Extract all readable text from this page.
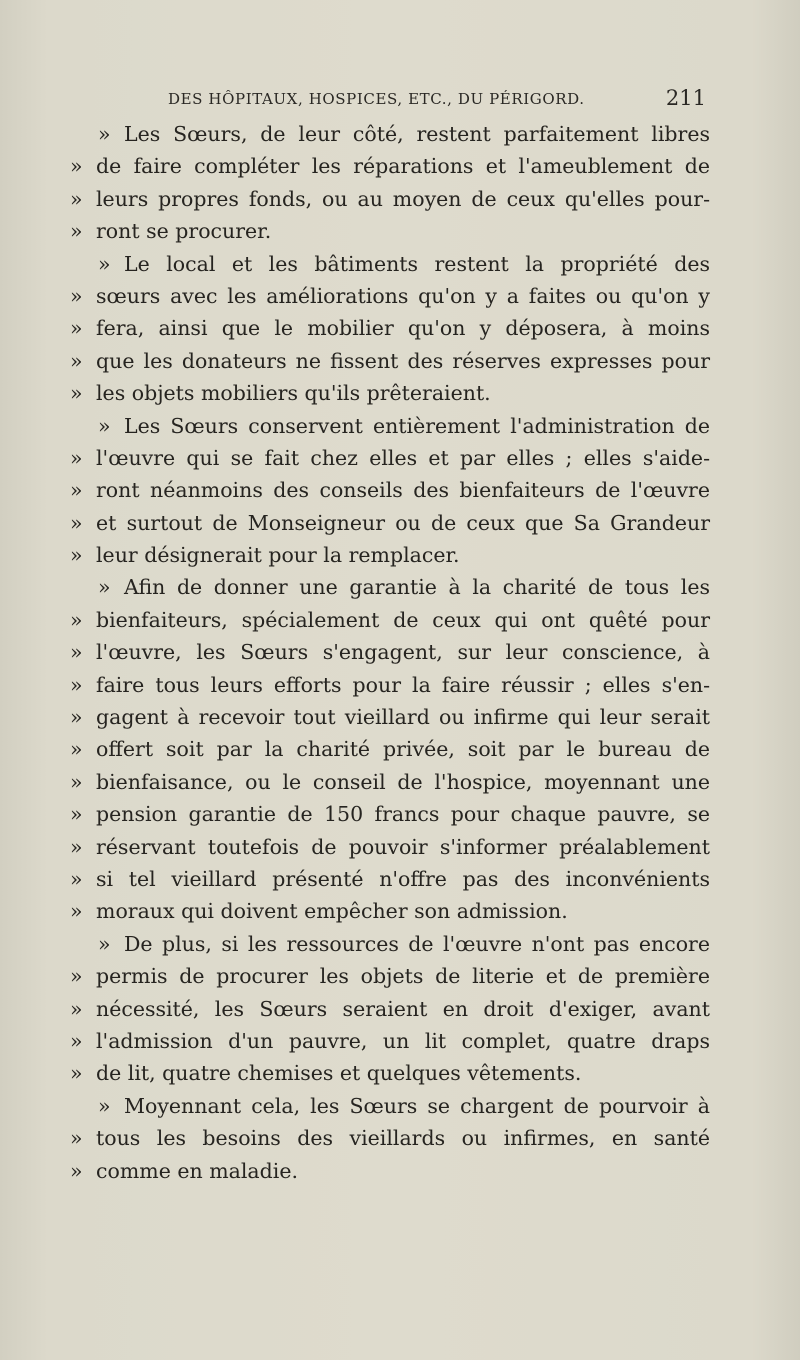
DES HÔPITAUX, HOSPICES, ETC., DU PÉRIGORD.	211
» Les Sœurs, de leur côté, restent parfaitement libres
» de faire compléter les réparations et l'ameublement de
» leurs propres fonds, ou au moyen de ceux qu'elles pour-
» ront se procurer.
» Le local et les bâtiments restent la propriété des
» sœurs avec les améliorations qu'on y a faites ou qu'on y
» fera, ainsi que le mobilier qu'on y déposera, à moins
» que les donateurs ne fissent des réserves expresses pour
» les objets mobiliers qu'ils prêteraient.
» Les Sœurs conservent entièrement l'administration de
» l'œuvre qui se fait chez elles et par elles ; elles s'aide-
» ront néanmoins des conseils des bienfaiteurs de l'œuvre
» et surtout de Monseigneur ou de ceux que Sa Grandeur
» leur désignerait pour la remplacer.
» Afin de donner une garantie à la charité de tous les
» bienfaiteurs, spécialement de ceux qui ont quêté pour
» l'œuvre, les Sœurs s'engagent, sur leur conscience, à
» faire tous leurs efforts pour la faire réussir ; elles s'en-
» gagent à recevoir tout vieillard ou infirme qui leur serait
» offert soit par la charité privée, soit par le bureau de
» bienfaisance, ou le conseil de l'hospice, moyennant une
» pension garantie de 150 francs pour chaque pauvre, se
» réservant toutefois de pouvoir s'informer préalablement
» si tel vieillard présenté n'offre pas des inconvénients
» moraux qui doivent empêcher son admission.
» De plus, si les ressources de l'œuvre n'ont pas encore
» permis de procurer les objets de literie et de première
» nécessité, les Sœurs seraient en droit d'exiger, avant
» l'admission d'un pauvre, un lit complet, quatre draps
» de lit, quatre chemises et quelques vêtements.
» Moyennant cela, les Sœurs se chargent de pourvoir à
» tous les besoins des vieillards ou infirmes, en santé
» comme en maladie.
